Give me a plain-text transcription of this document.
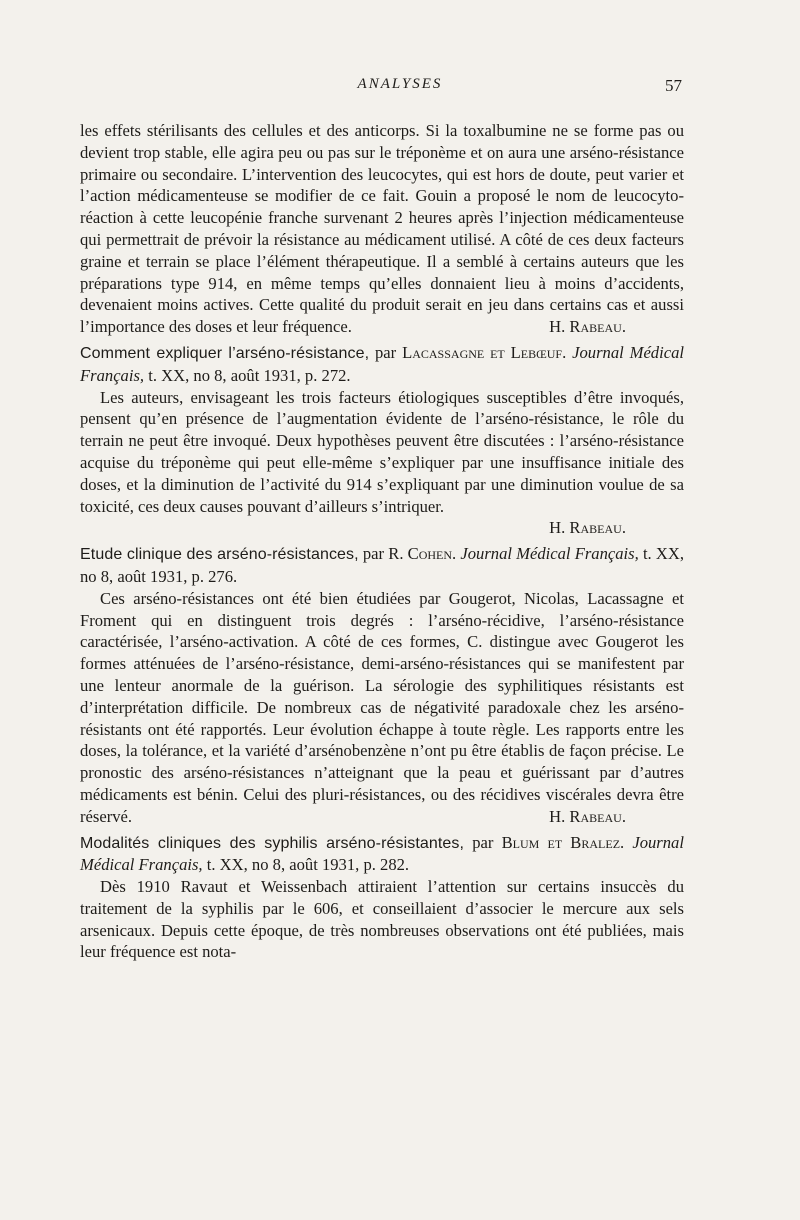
ANALYSES	57

les effets stérilisants des cellules et des anticorps. Si la toxalbumine ne se forme pas ou devient trop stable, elle agira peu ou pas sur le tréponème et on aura une arséno-résistance primaire ou secondaire. L’intervention des leucocytes, qui est hors de doute, peut varier et l’action médicamenteuse se modifier de ce fait. Gouin a proposé le nom de leucocyto-réaction à cette leucopénie franche survenant 2 heures après l’injection médicamenteuse qui permettrait de prévoir la résistance au médicament utilisé. A côté de ces deux facteurs graine et terrain se place l’élément thérapeutique. Il a semblé à certains auteurs que les préparations type 914, en même temps qu’elles donnaient lieu à moins d’accidents, devenaient moins actives. Cette qualité du produit serait en jeu dans certains cas et aussi l’importance des doses et leur fréquence.	H. Rabeau.

Comment expliquer l’arséno-résistance, par Lacassagne et Lebœuf. Journal Médical Français, t. XX, no 8, août 1931, p. 272.

Les auteurs, envisageant les trois facteurs étiologiques susceptibles d’être invoqués, pensent qu’en présence de l’augmentation évidente de l’arséno-résistance, le rôle du terrain ne peut être invoqué. Deux hypothèses peuvent être discutées : l’arséno-résistance acquise du tréponème qui peut elle-même s’expliquer par une insuffisance initiale des doses, et la diminution de l’activité du 914 s’expliquant par une diminution voulue de sa toxicité, ces deux causes pouvant d’ailleurs s’intriquer.

H. Rabeau.

Etude clinique des arséno-résistances, par R. Cohen. Journal Médical Français, t. XX, no 8, août 1931, p. 276.

Ces arséno-résistances ont été bien étudiées par Gougerot, Nicolas, Lacassagne et Froment qui en distinguent trois degrés : l’arséno-récidive, l’arséno-résistance caractérisée, l’arséno-activation. A côté de ces formes, C. distingue avec Gougerot les formes atténuées de l’arséno-résistance, demi-arséno-résistances qui se manifestent par une lenteur anormale de la guérison. La sérologie des syphilitiques résistants est d’interprétation difficile. De nombreux cas de négativité paradoxale chez les arséno-résistants ont été rapportés. Leur évolution échappe à toute règle. Les rapports entre les doses, la tolérance, et la variété d’arsénobenzène n’ont pu être établis de façon précise. Le pronostic des arséno-résistances n’atteignant que la peau et guérissant par d’autres médicaments est bénin. Celui des pluri-résistances, ou des récidives viscérales devra être réservé.	H. Rabeau.

Modalités cliniques des syphilis arséno-résistantes, par Blum et Bralez. Journal Médical Français, t. XX, no 8, août 1931, p. 282.

Dès 1910 Ravaut et Weissenbach attiraient l’attention sur certains insuccès du traitement de la syphilis par le 606, et conseillaient d’associer le mercure aux sels arsenicaux. Depuis cette époque, de très nombreuses observations ont été publiées, mais leur fréquence est nota-
